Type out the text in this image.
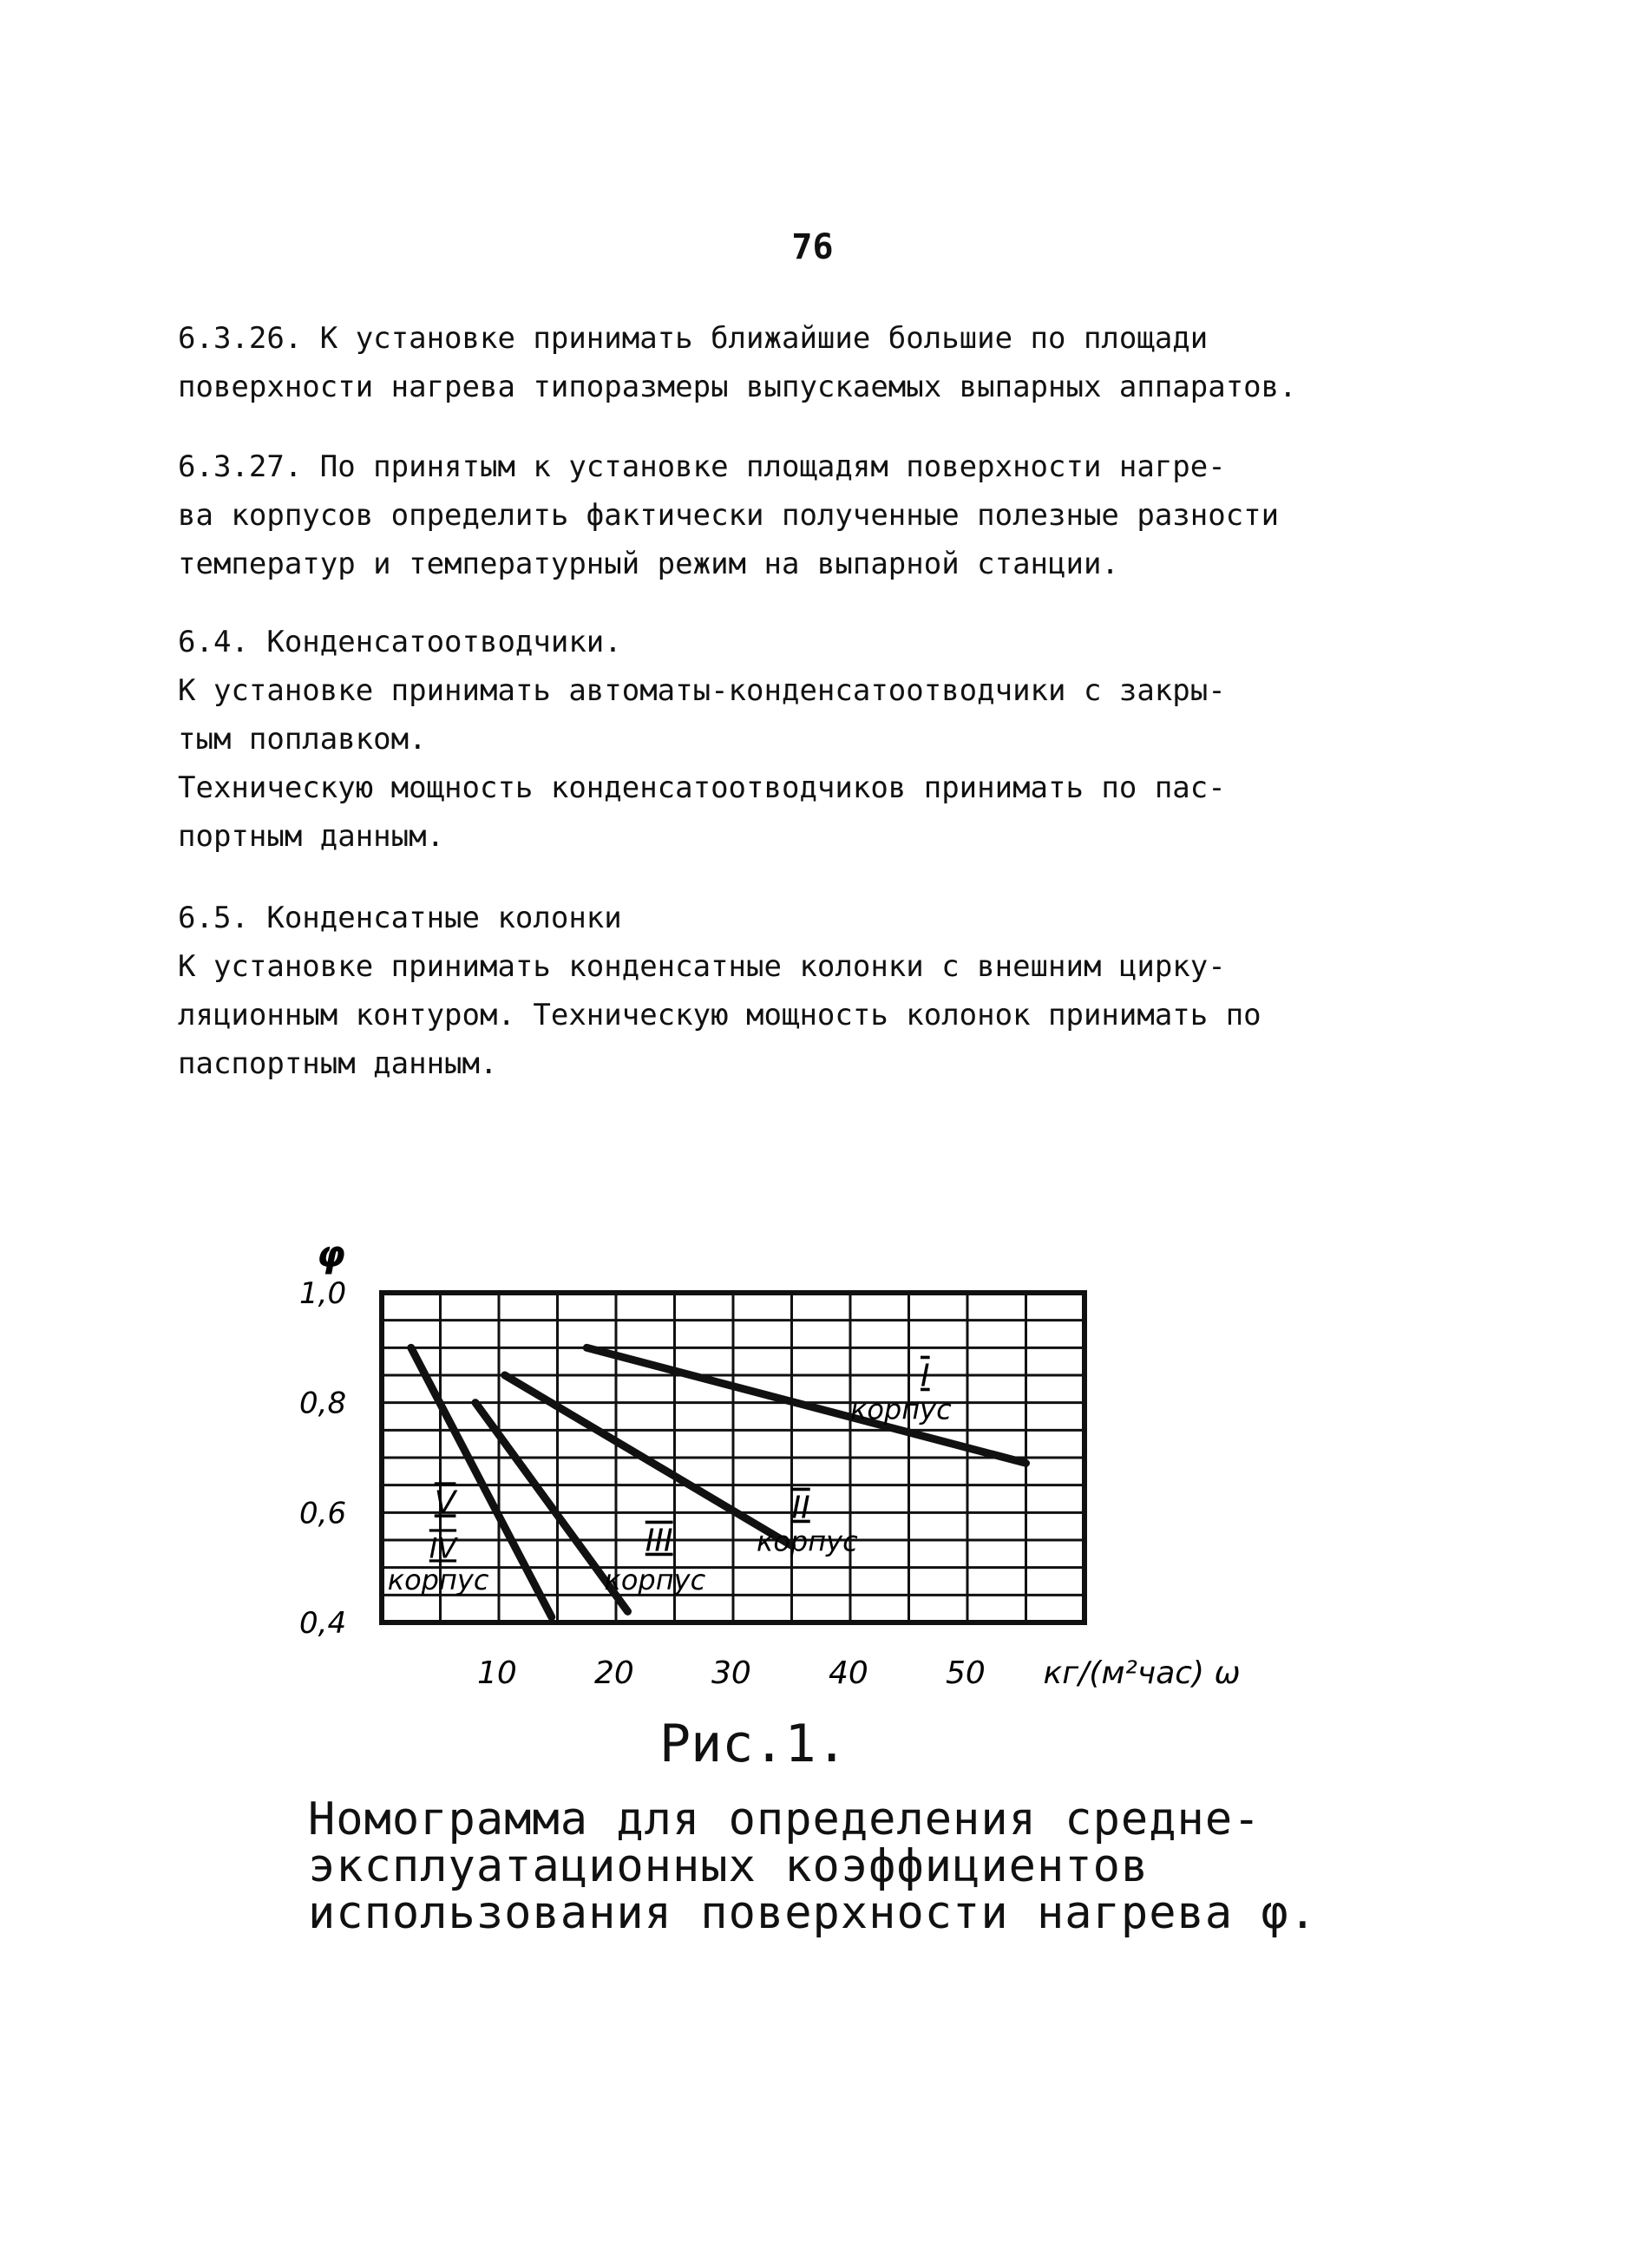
76
6.3.26. К установке принимать ближайшие большие по площади
поверхности нагрева типоразмеры выпускаемых выпарных аппаратов.
6.3.27. По принятым к установке площадям поверхности нагре-
ва корпусов определить фактически полученные полезные разности
температур и температурный режим на выпарной станции.
6.4. Конденсатоотводчики.
К установке принимать автоматы-конденсатоотводчики с закры-
тым поплавком.
Техническую мощность конденсатоотводчиков принимать по пас-
портным данным.
6.5. Конденсатные колонки
К установке принимать конденсатные колонки с внешним цирку-
ляционным контуром. Техническую мощность колонок принимать по
паспортным данным.
φ
1,0
0,8
0,6
0,4
10 20 30 40 50 кг/(м²час) ω
I
корпус
II
корпус
III
корпус
V
IV
корпус
Рис.1.
Номограмма для определения средне-
эксплуатационных коэффициентов
использования поверхности нагрева φ.
